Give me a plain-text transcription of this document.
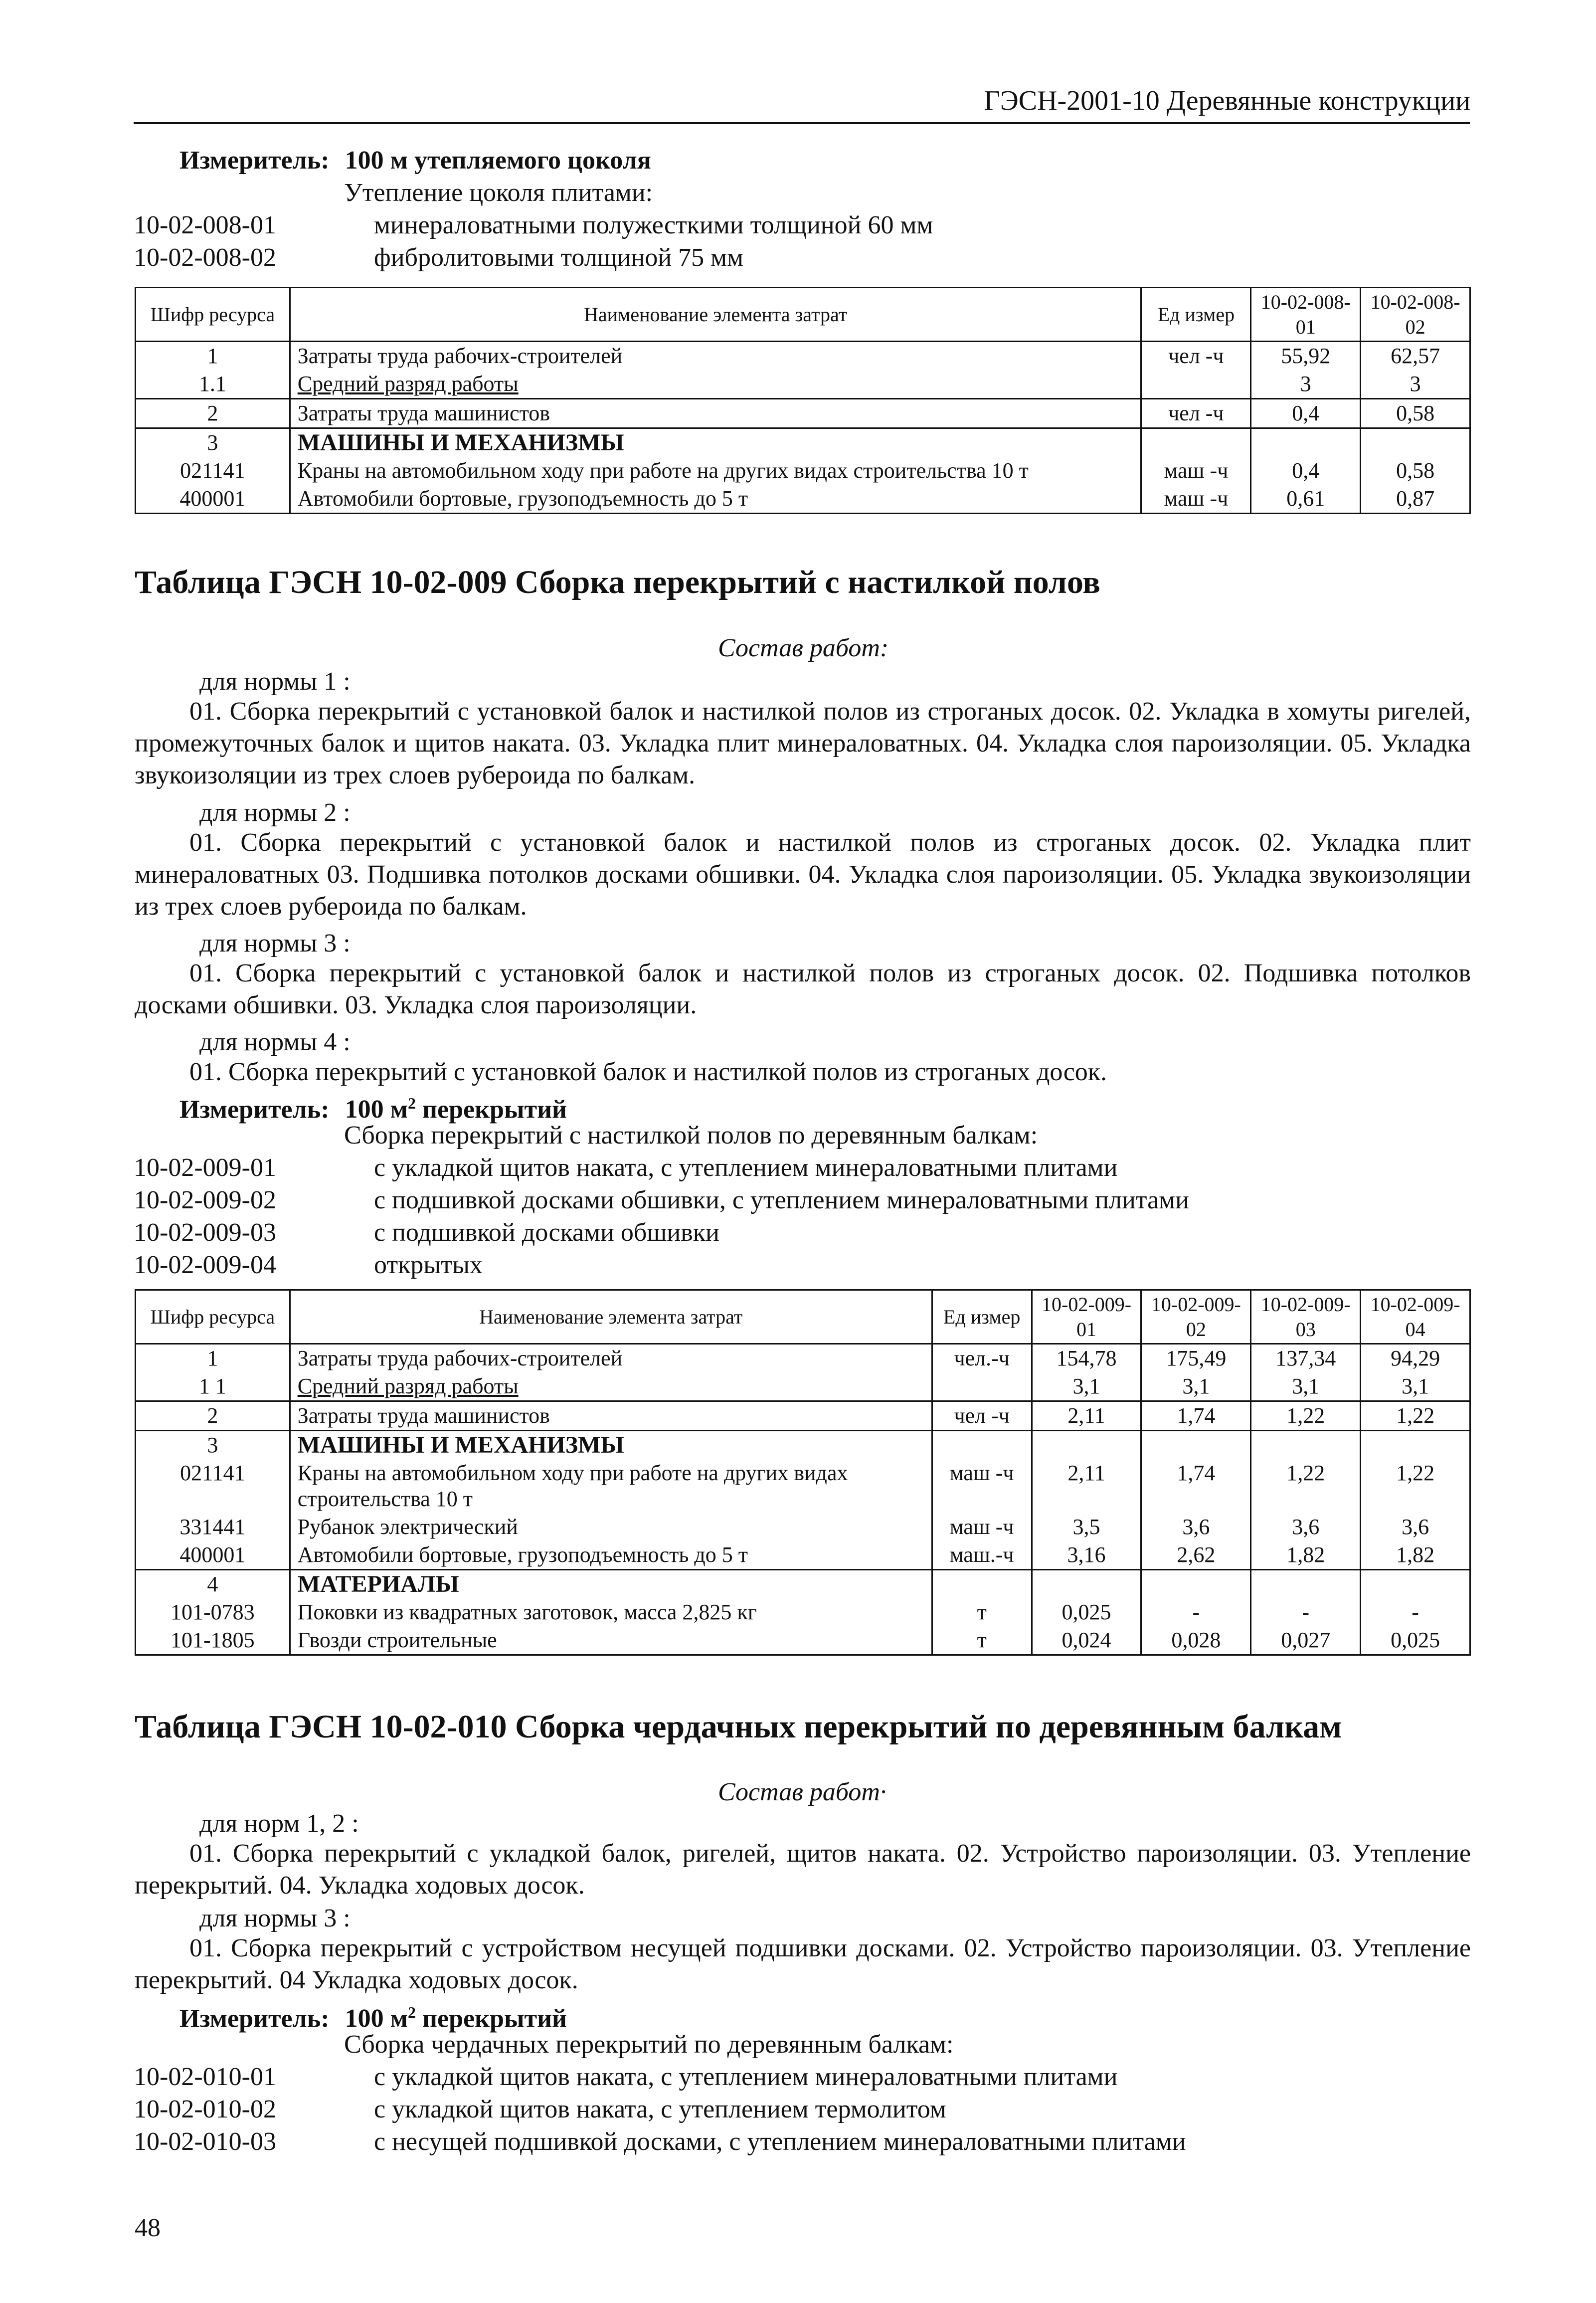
ГЭСН-2001-10 Деревянные конструкции
Измеритель: 100 м утепляемого цоколя
Утепление цоколя плитами:
10-02-008-01	минераловатными полужесткими толщиной 60 мм
10-02-008-02	фибролитовыми толщиной 75 мм
Шифр ресурса	Наименование элемента затрат	Ед измер	10-02-008-01	10-02-008-02
1	Затраты труда рабочих-строителей	чел -ч	55,92	62,57
1.1	Средний разряд работы		3	3
2	Затраты труда машинистов	чел -ч	0,4	0,58
3	МАШИНЫ И МЕХАНИЗМЫ			
021141	Краны на автомобильном ходу при работе на других видах строительства 10 т	маш -ч	0,4	0,58
400001	Автомобили бортовые, грузоподъемность до 5 т	маш -ч	0,61	0,87
Таблица ГЭСН 10-02-009 Сборка перекрытий с настилкой полов
Состав работ:
для нормы 1 :
01. Сборка перекрытий с установкой балок и настилкой полов из строганых досок. 02. Укладка в хомуты ригелей, промежуточных балок и щитов наката. 03. Укладка плит минераловатных. 04. Укладка слоя пароизоляции. 05. Укладка звукоизоляции из трех слоев рубероида по балкам.
для нормы 2 :
01. Сборка перекрытий с установкой балок и настилкой полов из строганых досок. 02. Укладка плит минераловатных 03. Подшивка потолков досками обшивки. 04. Укладка слоя пароизоляции. 05. Укладка звукоизоляции из трех слоев рубероида по балкам.
для нормы 3 :
01. Сборка перекрытий с установкой балок и настилкой полов из строганых досок. 02. Подшивка потолков досками обшивки. 03. Укладка слоя пароизоляции.
для нормы 4 :
01. Сборка перекрытий с установкой балок и настилкой полов из строганых досок.
Измеритель: 100 $м^2$ перекрытий
Сборка перекрытий с настилкой полов по деревянным балкам:
10-02-009-01	с укладкой щитов наката, с утеплением минераловатными плитами
10-02-009-02	с подшивкой досками обшивки, с утеплением минераловатными плитами
10-02-009-03	с подшивкой досками обшивки
10-02-009-04	открытых
Шифр ресурса	Наименование элемента затрат	Ед измер	10-02-009-01	10-02-009-02	10-02-009-03	10-02-009-04
1	Затраты труда рабочих-строителей	чел.-ч	154,78	175,49	137,34	94,29
1 1	Средний разряд работы		3,1	3,1	3,1	3,1
2	Затраты труда машинистов	чел -ч	2,11	1,74	1,22	1,22
3	МАШИНЫ И МЕХАНИЗМЫ					
021141	Краны на автомобильном ходу при работе на других видах строительства 10 т	маш -ч	2,11	1,74	1,22	1,22
331441	Рубанок электрический	маш -ч	3,5	3,6	3,6	3,6
400001	Автомобили бортовые, грузоподъемность до 5 т	маш.-ч	3,16	2,62	1,82	1,82
4	МАТЕРИАЛЫ					
101-0783	Поковки из квадратных заготовок, масса 2,825 кг	т	0,025	-	-	-
101-1805	Гвозди строительные	т	0,024	0,028	0,027	0,025
Таблица ГЭСН 10-02-010 Сборка чердачных перекрытий по деревянным балкам
Состав работ·
для норм 1, 2 :
01. Сборка перекрытий с укладкой балок, ригелей, щитов наката. 02. Устройство пароизоляции. 03. Утепление перекрытий. 04. Укладка ходовых досок.
для нормы 3 :
01. Сборка перекрытий с устройством несущей подшивки досками. 02. Устройство пароизоляции. 03. Утепление перекрытий. 04 Укладка ходовых досок.
Измеритель: 100 $м^2$ перекрытий
Сборка чердачных перекрытий по деревянным балкам:
10-02-010-01	с укладкой щитов наката, с утеплением минераловатными плитами
10-02-010-02	с укладкой щитов наката, с утеплением термолитом
10-02-010-03	с несущей подшивкой досками, с утеплением минераловатными плитами
48
